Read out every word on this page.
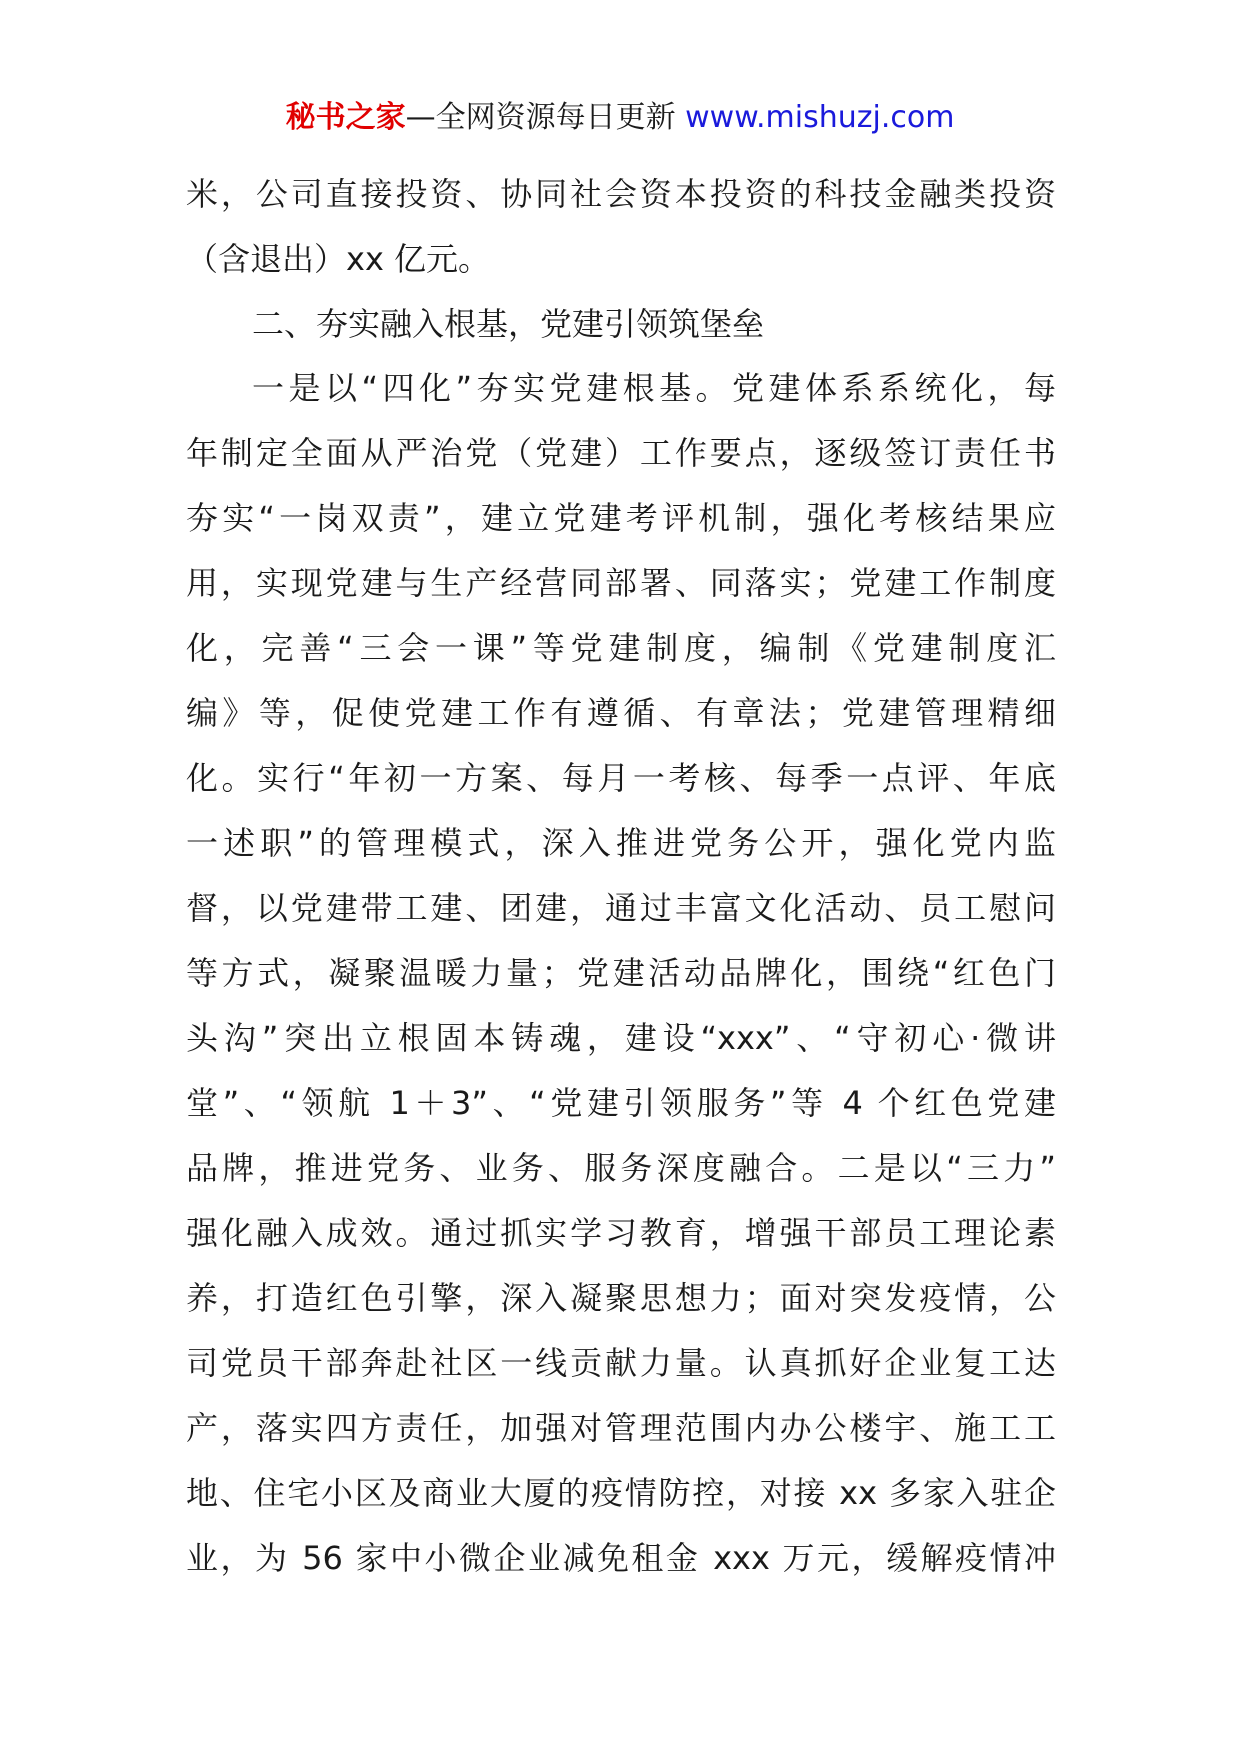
秘书之家—全网资源每日更新 www.mishuzj.com
米，公司直接投资、协同社会资本投资的科技金融类投资
（含退出）xx 亿元。
二、夯实融入根基，党建引领筑堡垒
一是以“四化”夯实党建根基。党建体系系统化，每
年制定全面从严治党（党建）工作要点，逐级签订责任书
夯实“一岗双责”，建立党建考评机制，强化考核结果应
用，实现党建与生产经营同部署、同落实；党建工作制度
化，完善“三会一课”等党建制度，编制《党建制度汇
编》等，促使党建工作有遵循、有章法；党建管理精细
化。实行“年初一方案、每月一考核、每季一点评、年底
一述职”的管理模式，深入推进党务公开，强化党内监
督，以党建带工建、团建，通过丰富文化活动、员工慰问
等方式，凝聚温暖力量；党建活动品牌化，围绕“红色门
头沟”突出立根固本铸魂，建设“xxx”、“守初心·微讲
堂”、“领航 1＋3”、“党建引领服务”等 4 个红色党建
品牌，推进党务、业务、服务深度融合。二是以“三力”
强化融入成效。通过抓实学习教育，增强干部员工理论素
养，打造红色引擎，深入凝聚思想力；面对突发疫情，公
司党员干部奔赴社区一线贡献力量。认真抓好企业复工达
产，落实四方责任，加强对管理范围内办公楼宇、施工工
地、住宅小区及商业大厦的疫情防控，对接 xx 多家入驻企
业，为 56 家中小微企业减免租金 xxx 万元，缓解疫情冲
